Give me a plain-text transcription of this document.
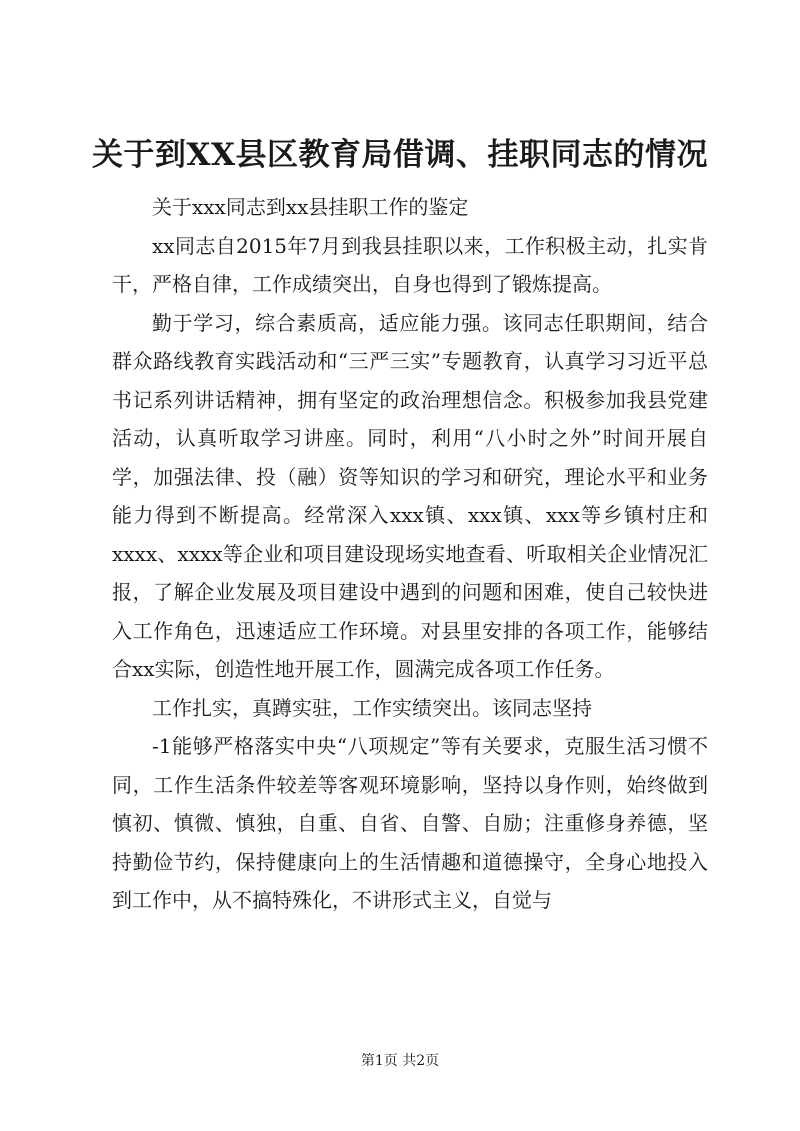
关于到XX县区教育局借调、挂职同志的情况

关于xxx同志到xx县挂职工作的鉴定

xx同志自2015年7月到我县挂职以来，工作积极主动，扎实肯干，严格自律，工作成绩突出，自身也得到了锻炼提高。

勤于学习，综合素质高，适应能力强。该同志任职期间，结合群众路线教育实践活动和“三严三实”专题教育，认真学习习近平总书记系列讲话精神，拥有坚定的政治理想信念。积极参加我县党建活动，认真听取学习讲座。同时，利用“八小时之外”时间开展自学，加强法律、投（融）资等知识的学习和研究，理论水平和业务能力得到不断提高。经常深入xxx镇、xxx镇、xxx等乡镇村庄和xxxx、xxxx等企业和项目建设现场实地查看、听取相关企业情况汇报，了解企业发展及项目建设中遇到的问题和困难，使自己较快进入工作角色，迅速适应工作环境。对县里安排的各项工作，能够结合xx实际，创造性地开展工作，圆满完成各项工作任务。

工作扎实，真蹲实驻，工作实绩突出。该同志坚持

-1能够严格落实中央“八项规定”等有关要求，克服生活习惯不同，工作生活条件较差等客观环境影响，坚持以身作则，始终做到慎初、慎微、慎独，自重、自省、自警、自励；注重修身养德，坚持勤俭节约，保持健康向上的生活情趣和道德操守，全身心地投入到工作中，从不搞特殊化，不讲形式主义，自觉与

第1页 共2页
